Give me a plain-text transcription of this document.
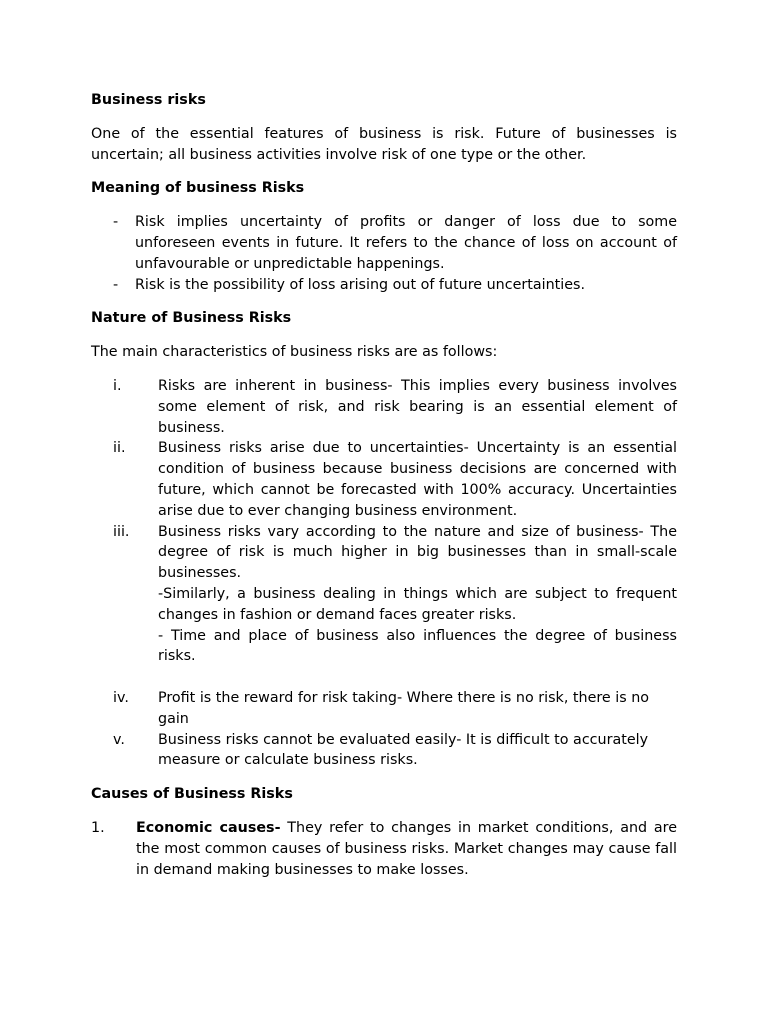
Business risks

One of the essential features of business is risk. Future of businesses is uncertain; all business activities involve risk of one type or the other.

Meaning of business Risks
-	Risk implies uncertainty of profits or danger of loss due to some unforeseen events in future. It refers to the chance of loss on account of unfavourable or unpredictable happenings.
-	Risk is the possibility of loss arising out of future uncertainties.
Nature of Business Risks

The main characteristics of business risks are as follows:

i.	Risks are inherent in business- This implies every business involves some element of risk, and risk bearing is an essential element of business.
ii.	Business risks arise due to uncertainties- Uncertainty is an essential condition of business because business decisions are concerned with future, which cannot be forecasted with 100% accuracy. Uncertainties arise due to ever changing business environment.
iii.	Business risks vary according to the nature and size of business- The degree of risk is much higher in big businesses than in small-scale businesses.
-Similarly, a business dealing in things which are subject to frequent changes in fashion or demand faces greater risks.
- Time and place of business also influences the degree of business risks.
iv.	Profit is the reward for risk taking- Where there is no risk, there is no gain
v.	Business risks cannot be evaluated easily- It is difficult to accurately measure or calculate business risks.
Causes of Business Risks
1.	Economic causes- They refer to changes in market conditions, and are the most common causes of business risks. Market changes may cause fall in demand making businesses to make losses.
